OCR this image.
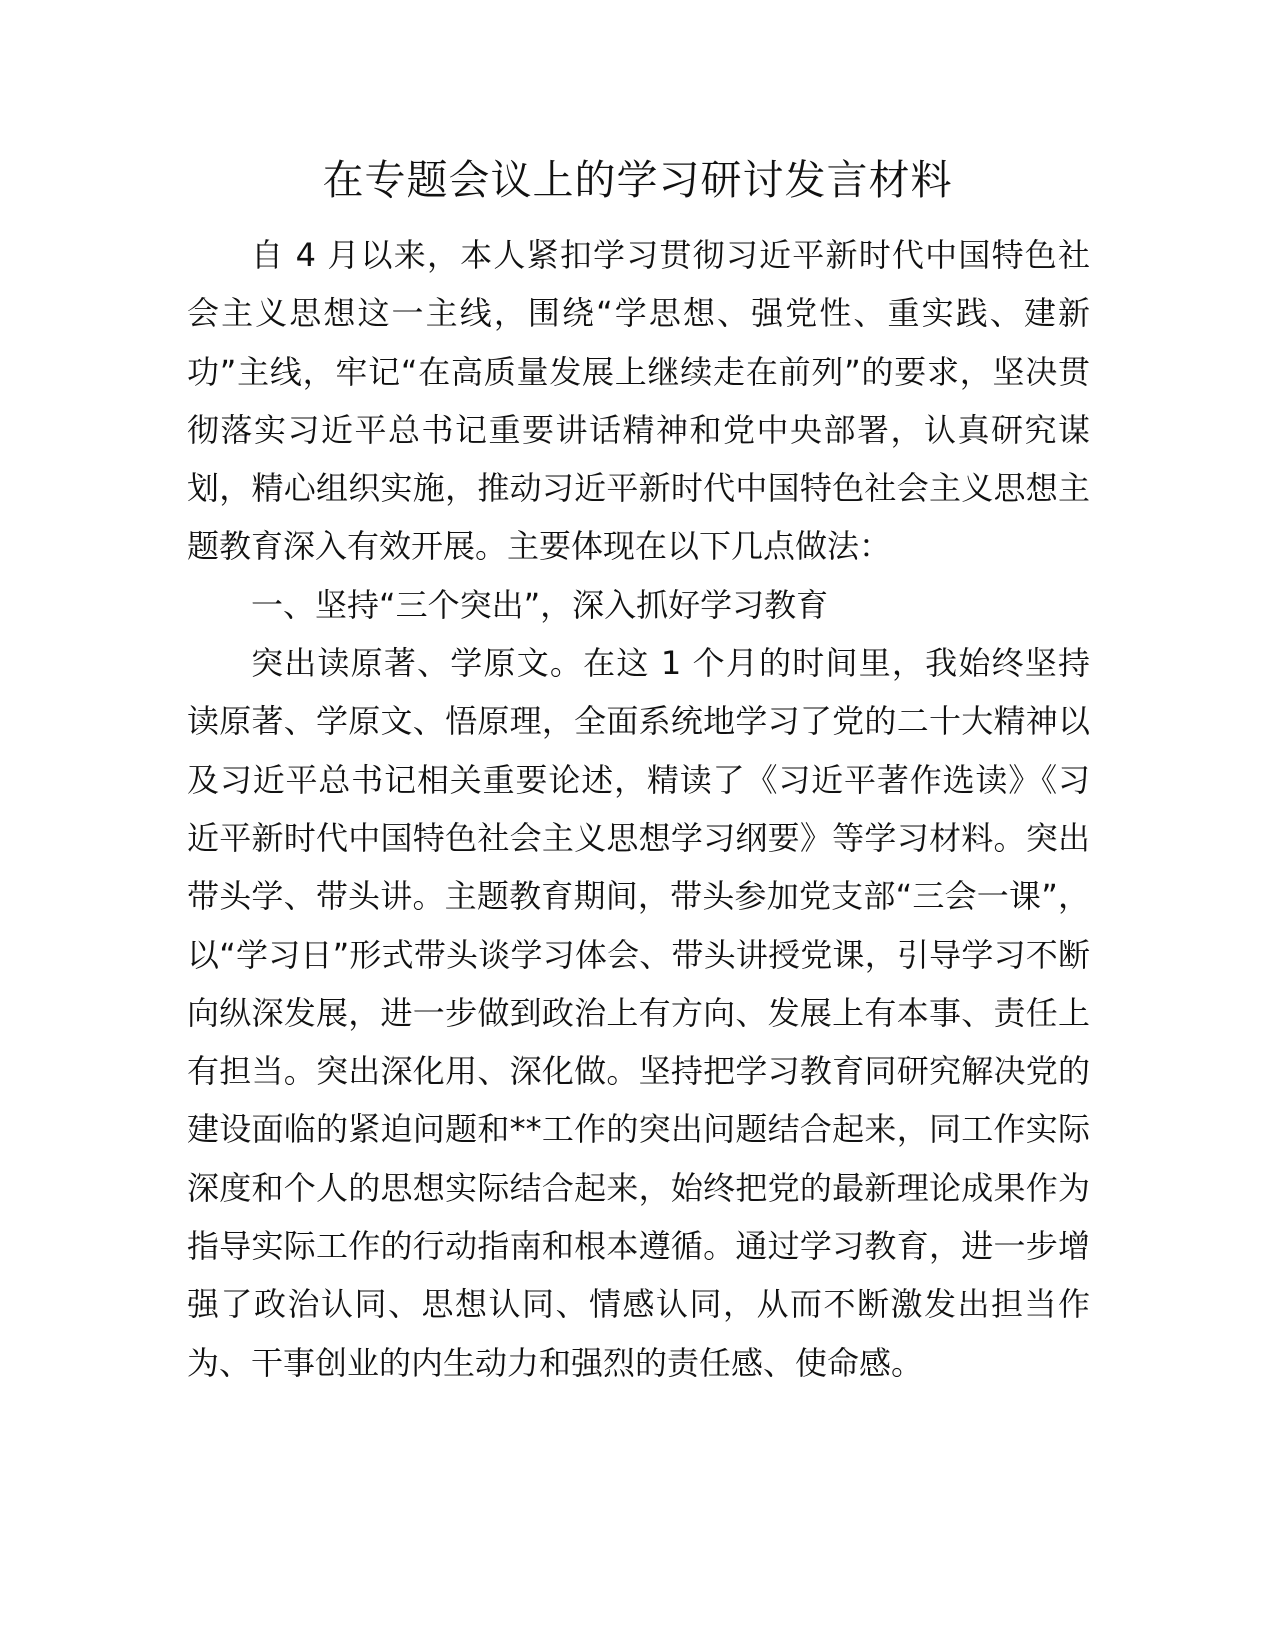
在专题会议上的学习研讨发言材料

自 4 月以来，本人紧扣学习贯彻习近平新时代中国特色社会主义思想这一主线，围绕“学思想、强党性、重实践、建新功”主线，牢记“在高质量发展上继续走在前列”的要求，坚决贯彻落实习近平总书记重要讲话精神和党中央部署，认真研究谋划，精心组织实施，推动习近平新时代中国特色社会主义思想主题教育深入有效开展。主要体现在以下几点做法：

一、坚持“三个突出”，深入抓好学习教育

突出读原著、学原文。在这 1 个月的时间里，我始终坚持读原著、学原文、悟原理，全面系统地学习了党的二十大精神以及习近平总书记相关重要论述，精读了《习近平著作选读》《习近平新时代中国特色社会主义思想学习纲要》等学习材料。突出带头学、带头讲。主题教育期间，带头参加党支部“三会一课”，以“学习日”形式带头谈学习体会、带头讲授党课，引导学习不断向纵深发展，进一步做到政治上有方向、发展上有本事、责任上有担当。突出深化用、深化做。坚持把学习教育同研究解决党的建设面临的紧迫问题和**工作的突出问题结合起来，同工作实际深度和个人的思想实际结合起来，始终把党的最新理论成果作为指导实际工作的行动指南和根本遵循。通过学习教育，进一步增强了政治认同、思想认同、情感认同，从而不断激发出担当作为、干事创业的内生动力和强烈的责任感、使命感。
